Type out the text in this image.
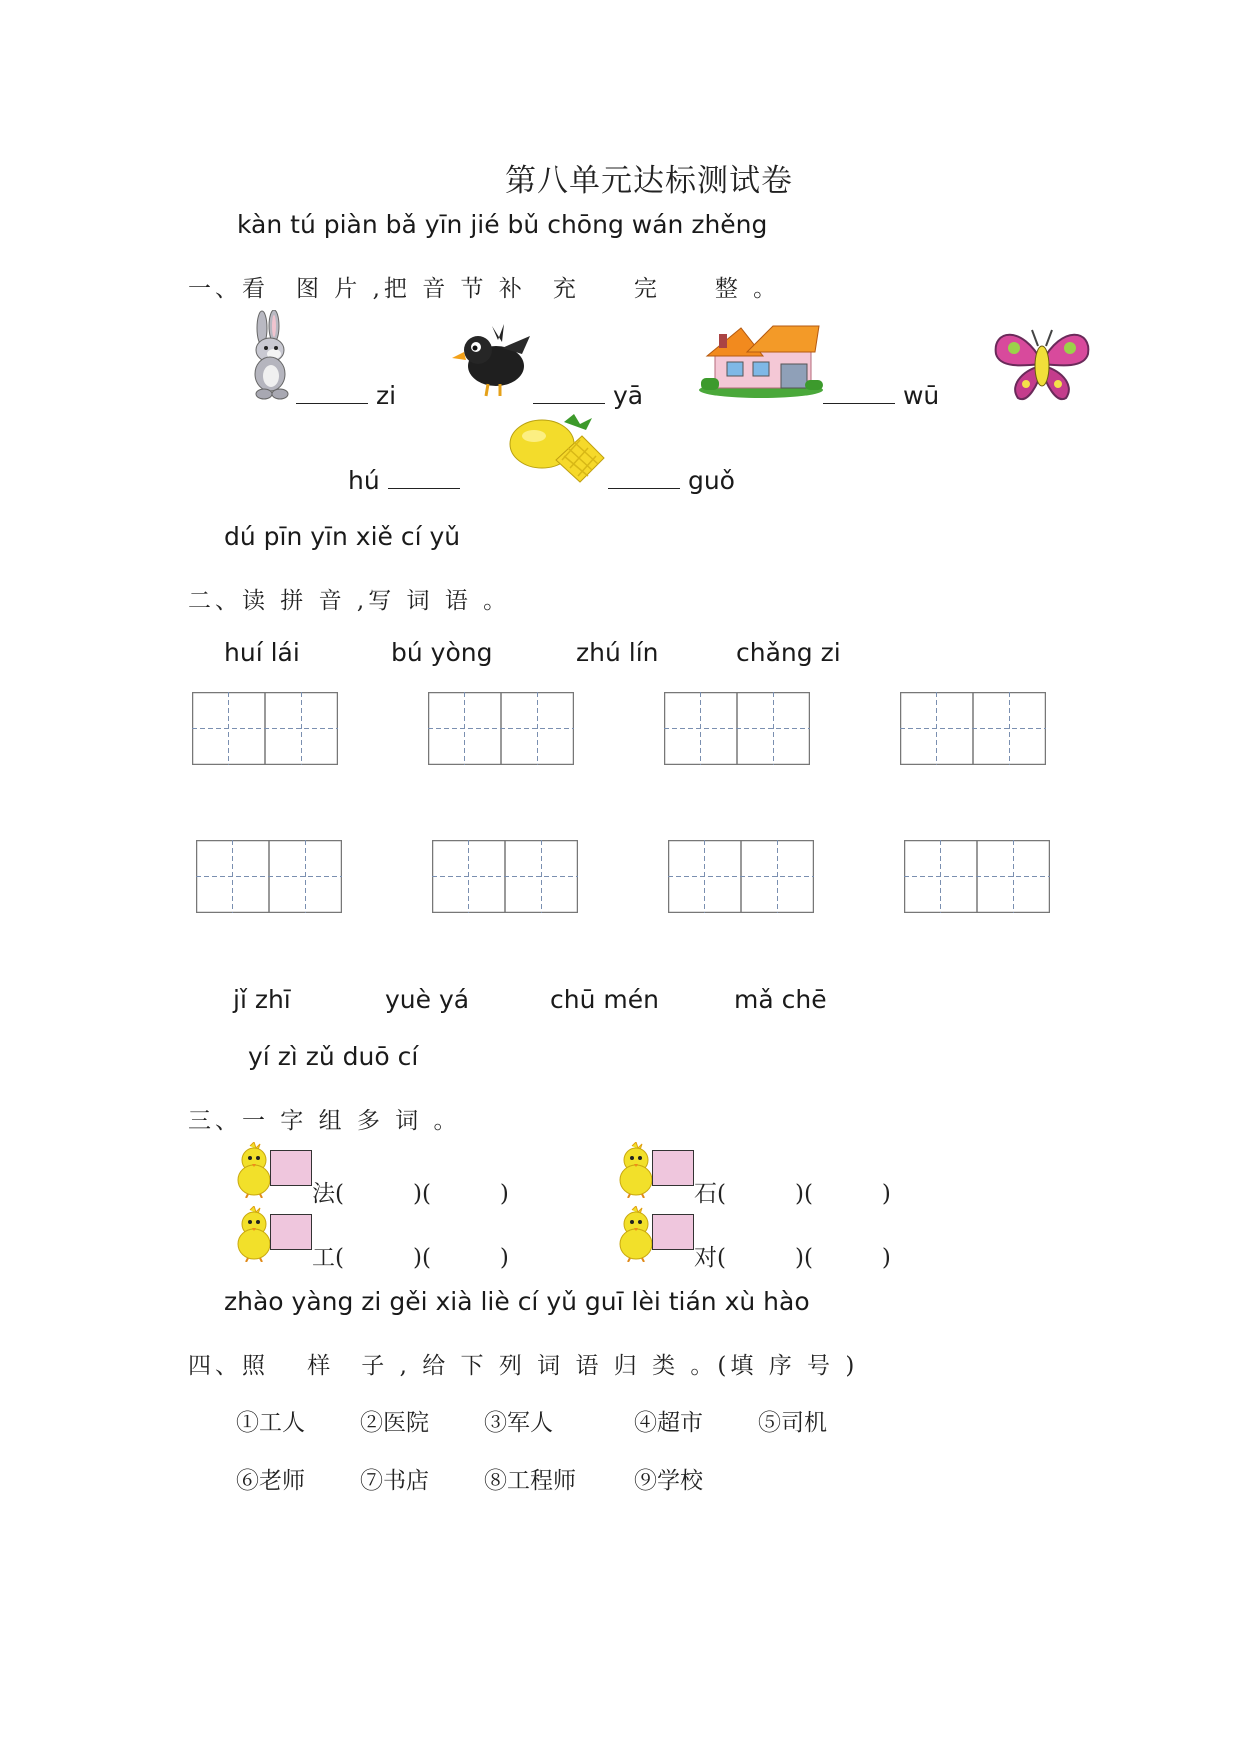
第八单元达标测试卷
kàn tú piàn bǎ yīn jié bǔ chōng wán zhěng
一、看　图 片 ,把 音 节 补　充　　完　　整 。
zi	yā	wū
hú	guǒ
dú pīn yīn xiě cí yǔ
二、读 拼 音 ,写 词 语 。
huí lái	bú yòng	zhú lín	chǎng zi
jǐ zhī	yuè yá	chū mén	mǎ chē
yí zì zǔ duō cí
三、一 字 组 多 词 。
法(　　　)(　　　)	石(　　　)(　　　)
工(　　　)(　　　)	对(　　　)(　　　)
zhào yàng zi gěi xià liè cí yǔ guī lèi tián xù hào
四、照　 样　子 , 给 下 列 词 语 归 类 。(填 序 号 )
①工人 ②医院 ③军人	④超市 ⑤司机
⑥老师 ⑦书店 ⑧工程师	⑨学校
